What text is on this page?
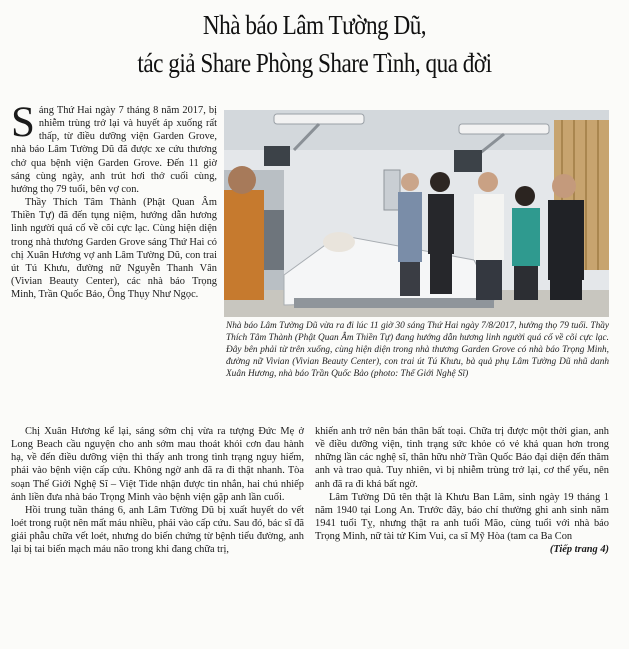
Nhà báo Lâm Tường Dũ,
tác giả Share Phòng Share Tình, qua đời

Sáng Thứ Hai ngày 7 tháng 8 năm 2017, bị nhiễm trùng trở lại và huyết áp xuống rất thấp, từ điều dưỡng viện Garden Grove, nhà báo Lâm Tường Dũ đã được xe cứu thương chở qua bệnh viện Garden Grove. Đến 11 giờ sáng cùng ngày, anh trút hơi thở cuối cùng, hưởng thọ 79 tuổi, bên vợ con.

Thầy Thích Tâm Thành (Phật Quan Âm Thiền Tự) đã đến tụng niệm, hướng dẫn hương linh người quá cố về cõi cực lạc. Cùng hiện diện trong nhà thương Garden Grove sáng Thứ Hai có chị Xuân Hương vợ anh Lâm Tường Dũ, con trai út Tú Khưu, đường nữ Nguyễn Thanh Vân (Vivian Beauty Center), các nhà báo Trọng Minh, Trần Quốc Bảo, Ông Thụy Như Ngọc.

Nhà báo Lâm Tường Dũ vừa ra đi lúc 11 giờ 30 sáng Thứ Hai ngày 7/8/2017, hưởng thọ 79 tuổi. Thầy Thích Tâm Thành (Phật Quan Âm Thiền Tự) đang hướng dẫn hương linh người quá cố về cõi cực lạc. Đây bên phải từ trên xuống, cùng hiện diện trong nhà thương Garden Grove có nhà báo Trọng Minh, đường nữ Vivian (Vivian Beauty Center), con trai út Tú Khưu, bà quả phụ Lâm Tường Dũ nhũ danh Xuân Hương, nhà báo Trần Quốc Bảo (photo: Thế Giới Nghệ Sĩ)

Chị Xuân Hương kể lại, sáng sớm chị vừa ra tượng Đức Mẹ ở Long Beach cầu nguyện cho anh sớm mau thoát khỏi cơn đau hành hạ, về đến điều dưỡng viện thì thấy anh trong tình trạng nguy hiểm, phải vào bệnh viện cấp cứu. Không ngờ anh đã ra đi thật nhanh. Tòa soạn Thế Giới Nghệ Sĩ – Việt Tide nhận được tin nhắn, hai chú nhiếp ảnh liền đưa nhà báo Trọng Minh vào bệnh viện gặp anh lần cuối.

Hồi trung tuần tháng 6, anh Lâm Tường Dũ bị xuất huyết do vết loét trong ruột nên mất máu nhiều, phải vào cấp cứu. Sau đó, bác sĩ đã giải phẫu chữa vết loét, nhưng do biến chứng từ bệnh tiểu đường, anh lại bị tai biến mạch máu não trong khi đang chữa trị,

khiến anh trở nên bán thân bất toại. Chữa trị được một thời gian, anh về điều dưỡng viện, tinh trạng sức khỏe có vẻ khả quan hơn trong những lần các nghệ sĩ, thân hữu nhờ Trần Quốc Bảo đại diện đến thăm anh và trao quà. Tuy nhiên, vì bị nhiễm trùng trở lại, cơ thể yếu, nên anh đã ra đi khá bất ngờ.

Lâm Tường Dũ tên thật là Khưu Ban Lâm, sinh ngày 19 tháng 1 năm 1940 tại Long An. Trước đây, báo chí thường ghi anh sinh năm 1941 tuổi Tỵ, nhưng thật ra anh tuổi Mão, cùng tuổi với nhà báo Trọng Minh, nữ tài tử Kim Vui, ca sĩ Mỹ Hòa (tam ca Ba Con

(Tiếp trang 4)
